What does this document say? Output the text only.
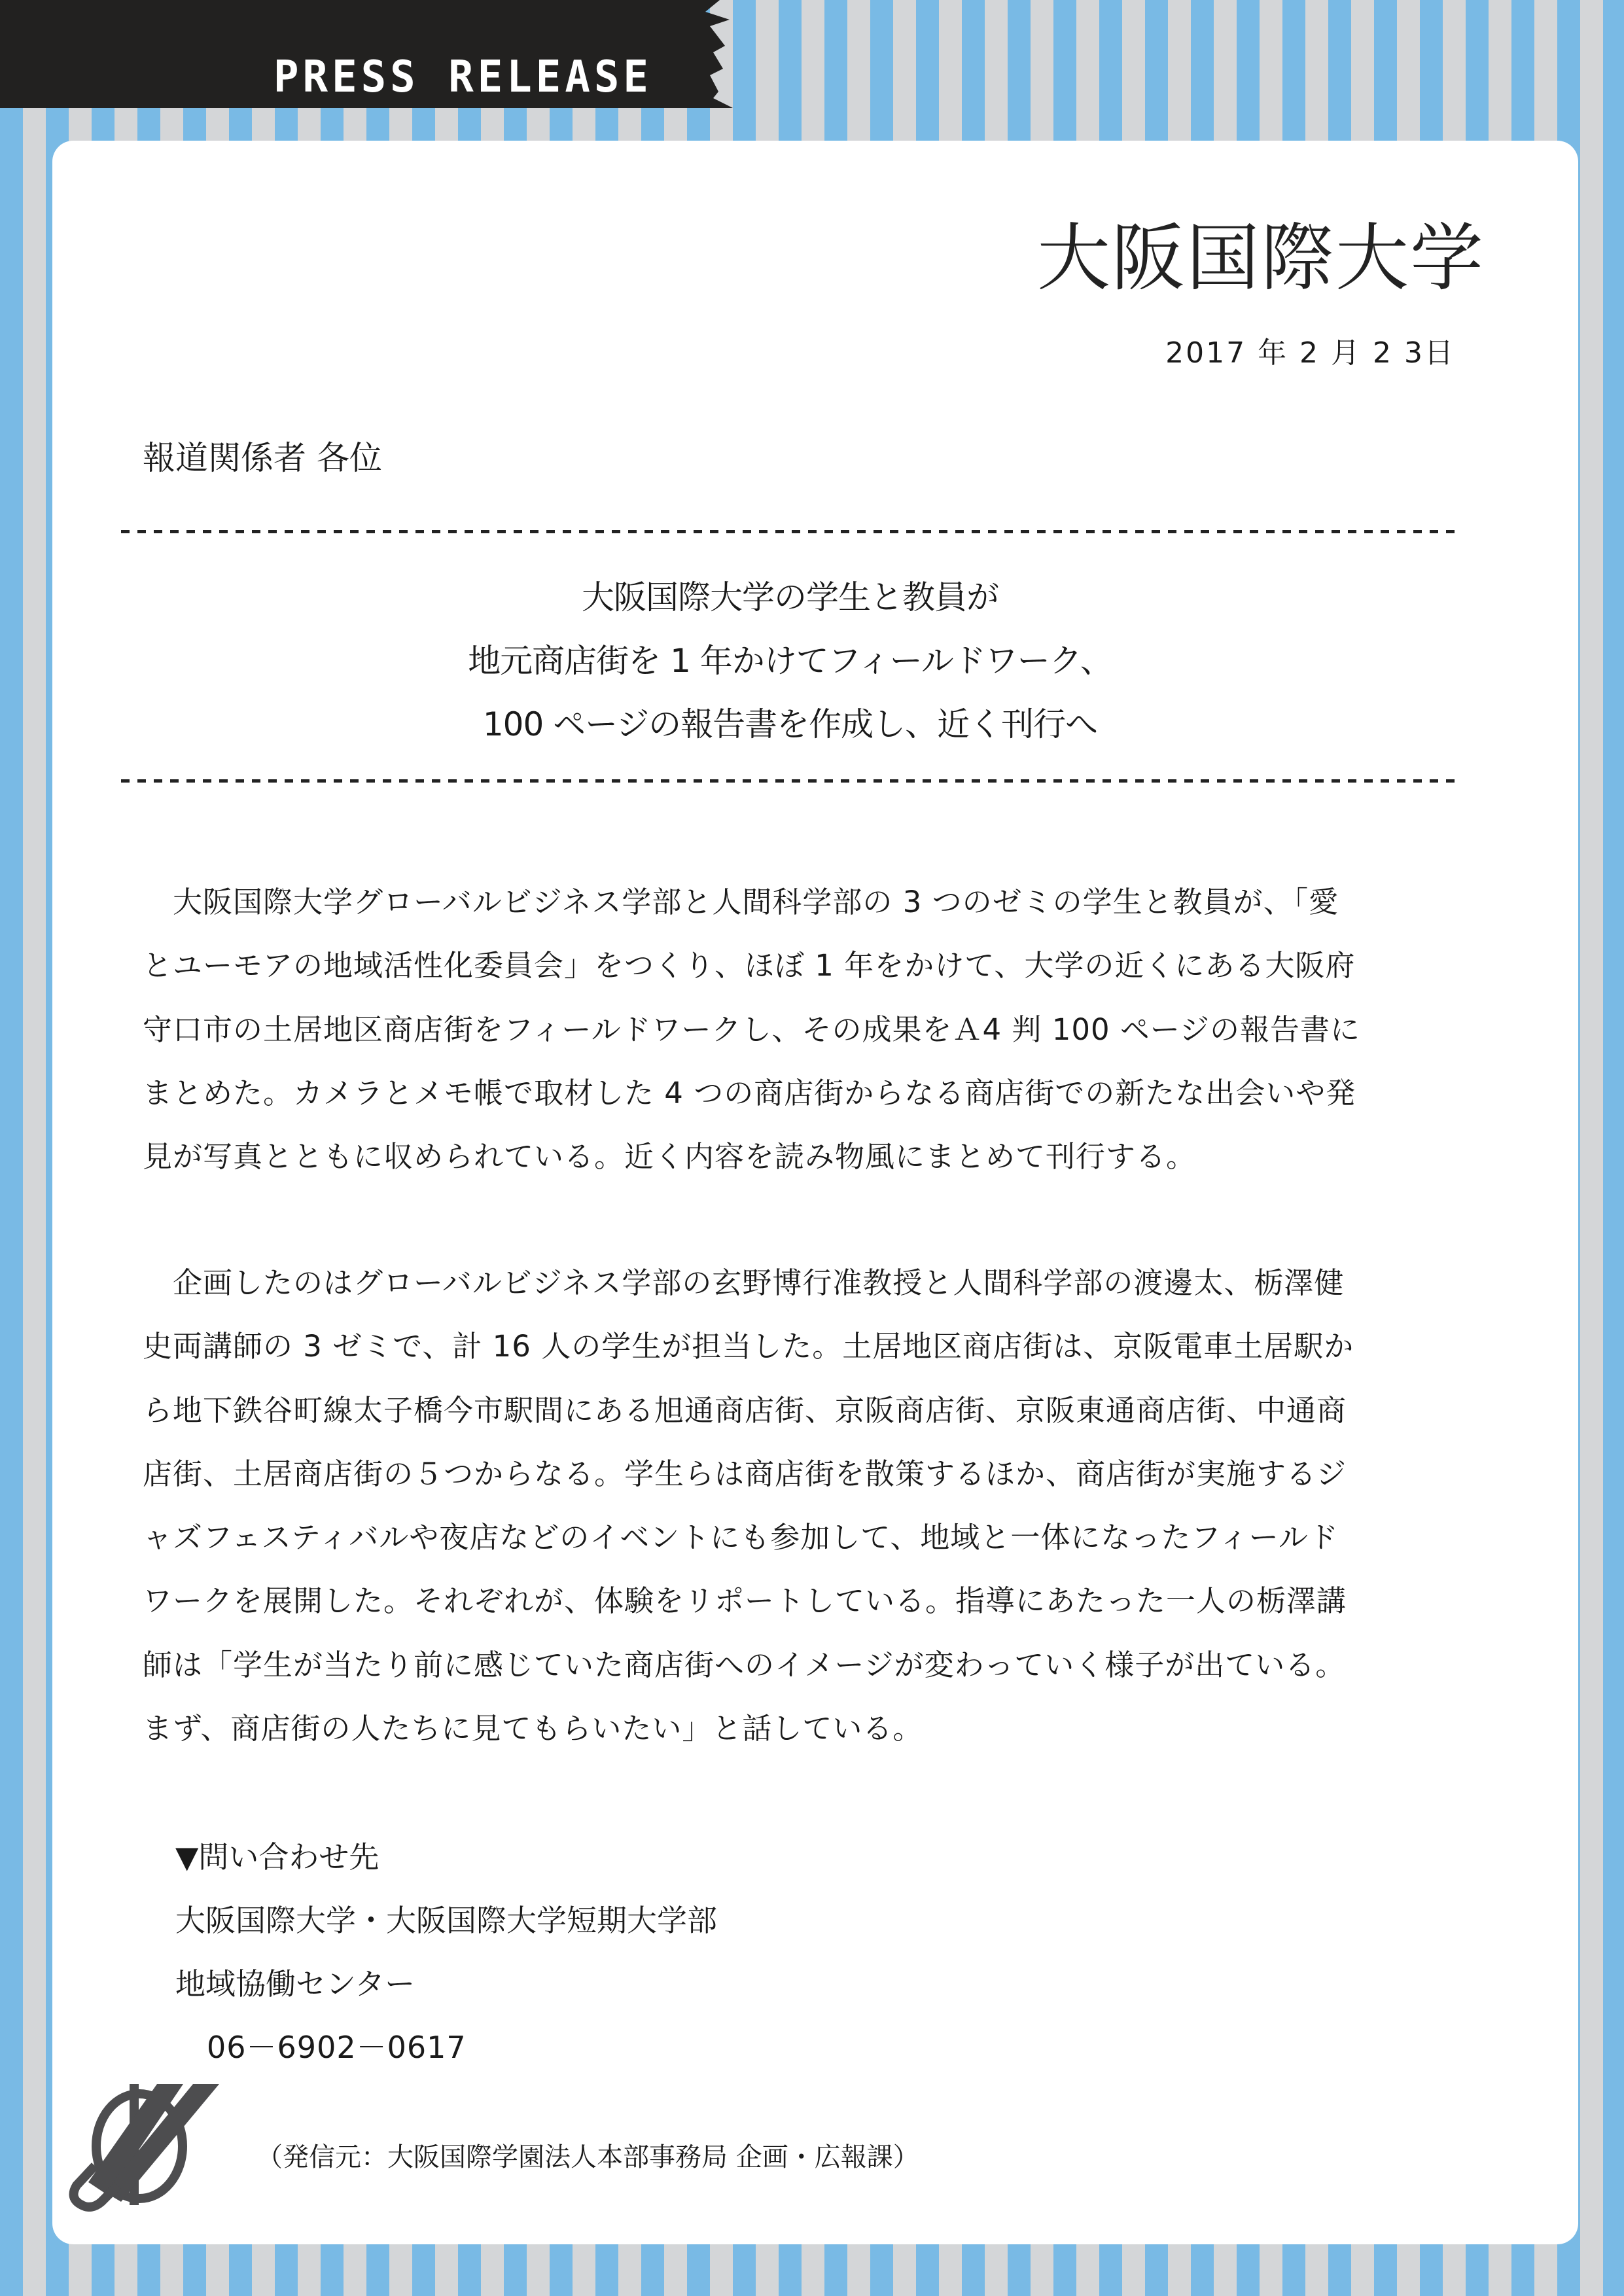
PRESS RELEASE
大阪国際大学
2017 年 2 月 2 3日
報道関係者 各位
大阪国際大学の学生と教員が
地元商店街を 1 年かけてフィールドワーク、
100 ページの報告書を作成し、近く刊行へ
　大阪国際大学グローバルビジネス学部と人間科学部の 3 つのゼミの学生と教員が、「愛
とユーモアの地域活性化委員会」をつくり、ほぼ 1 年をかけて、大学の近くにある大阪府
守口市の土居地区商店街をフィールドワークし、その成果をＡ4 判 100 ページの報告書に
まとめた。カメラとメモ帳で取材した 4 つの商店街からなる商店街での新たな出会いや発
見が写真とともに収められている。近く内容を読み物風にまとめて刊行する。
　企画したのはグローバルビジネス学部の玄野博行准教授と人間科学部の渡邊太、栃澤健
史両講師の 3 ゼミで、計 16 人の学生が担当した。土居地区商店街は、京阪電車土居駅か
ら地下鉄谷町線太子橋今市駅間にある旭通商店街、京阪商店街、京阪東通商店街、中通商
店街、土居商店街の５つからなる。学生らは商店街を散策するほか、商店街が実施するジ
ャズフェスティバルや夜店などのイベントにも参加して、地域と一体になったフィールド
ワークを展開した。それぞれが、体験をリポートしている。指導にあたった一人の栃澤講
師は「学生が当たり前に感じていた商店街へのイメージが変わっていく様子が出ている。
まず、商店街の人たちに見てもらいたい」と話している。
▼問い合わせ先
大阪国際大学・大阪国際大学短期大学部
地域協働センター
06－6902－0617
（発信元：大阪国際学園法人本部事務局 企画・広報課）
